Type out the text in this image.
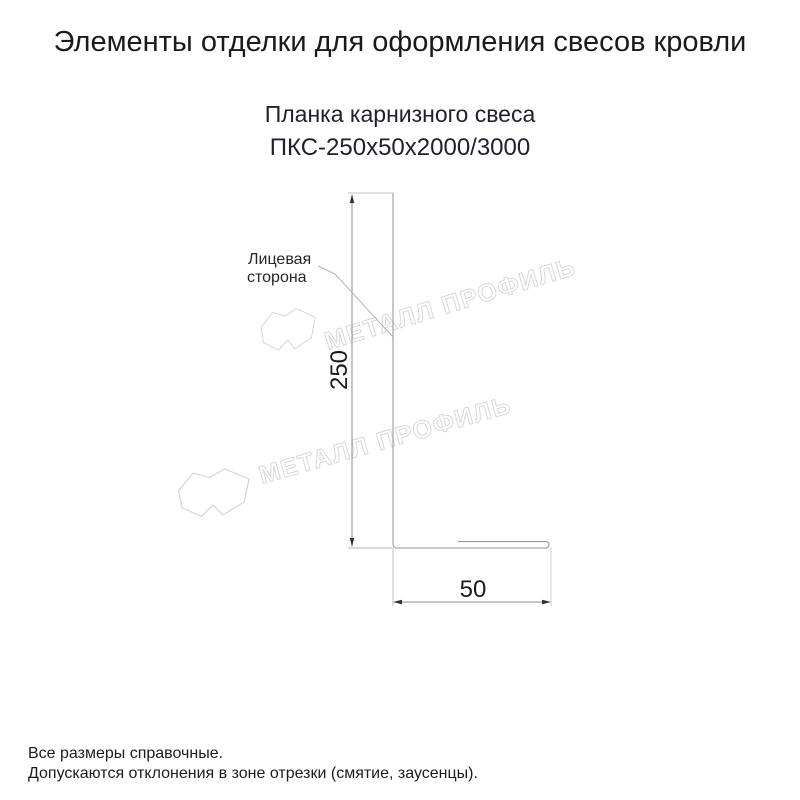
Элементы отделки для оформления свесов кровли
Планка карнизного свеса
ПКС-250х50х2000/3000
МЕТАЛЛ ПРОФИЛЬ
МЕТАЛЛ ПРОФИЛЬ
250
50
Лицевая
сторона
Все размеры справочные.
Допускаются отклонения в зоне отрезки (смятие, заусенцы).
